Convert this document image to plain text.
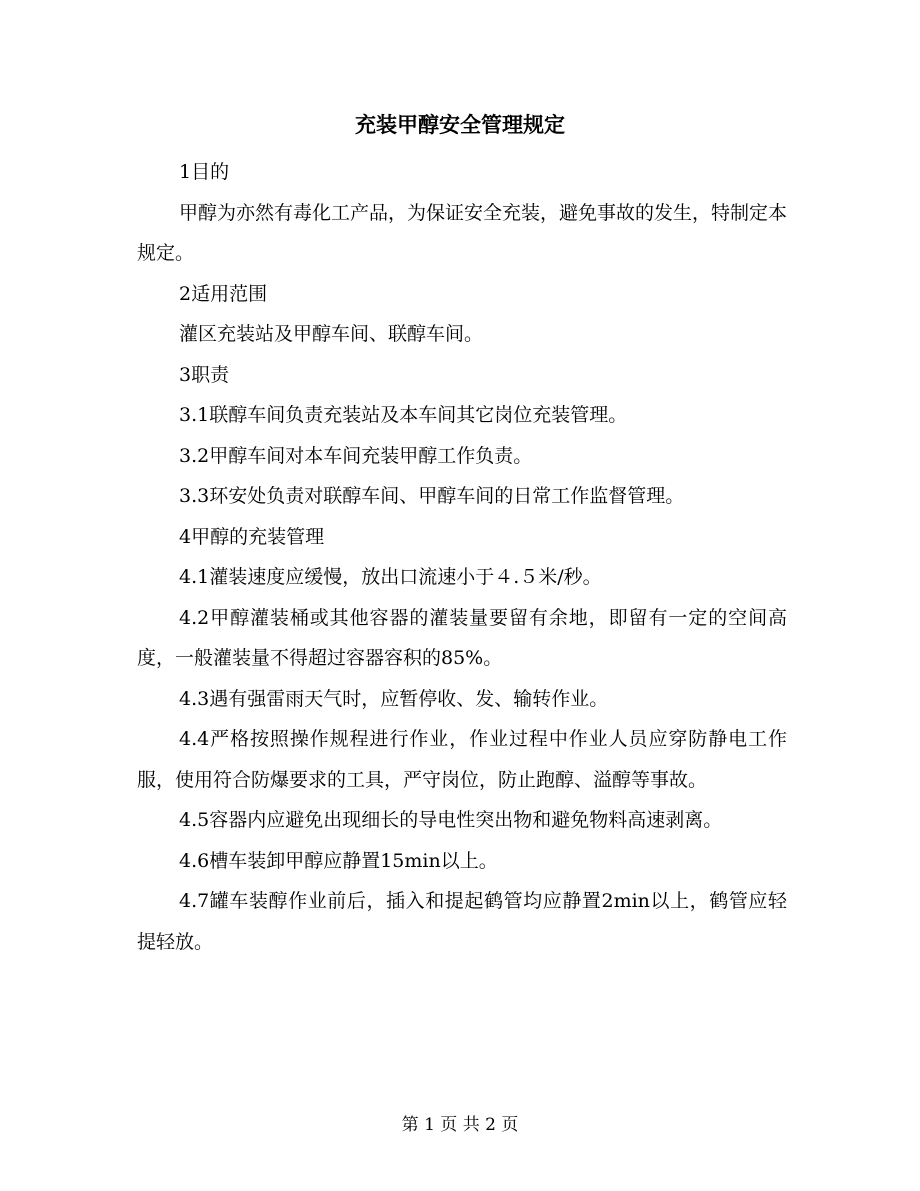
充装甲醇安全管理规定

1目的

甲醇为亦然有毒化工产品，为保证安全充装，避免事故的发生，特制定本规定。

2适用范围

灌区充装站及甲醇车间、联醇车间。

3职责

3.1联醇车间负责充装站及本车间其它岗位充装管理。

3.2甲醇车间对本车间充装甲醇工作负责。

3.3环安处负责对联醇车间、甲醇车间的日常工作监督管理。

4甲醇的充装管理

4.1灌装速度应缓慢，放出口流速小于４.５米/秒。

4.2甲醇灌装桶或其他容器的灌装量要留有余地，即留有一定的空间高度，一般灌装量不得超过容器容积的85%。

4.3遇有强雷雨天气时，应暂停收、发、输转作业。

4.4严格按照操作规程进行作业，作业过程中作业人员应穿防静电工作服，使用符合防爆要求的工具，严守岗位，防止跑醇、溢醇等事故。

4.5容器内应避免出现细长的导电性突出物和避免物料高速剥离。

4.6槽车装卸甲醇应静置15min以上。

4.7罐车装醇作业前后，插入和提起鹤管均应静置2min以上，鹤管应轻提轻放。

第 1 页 共 2 页
